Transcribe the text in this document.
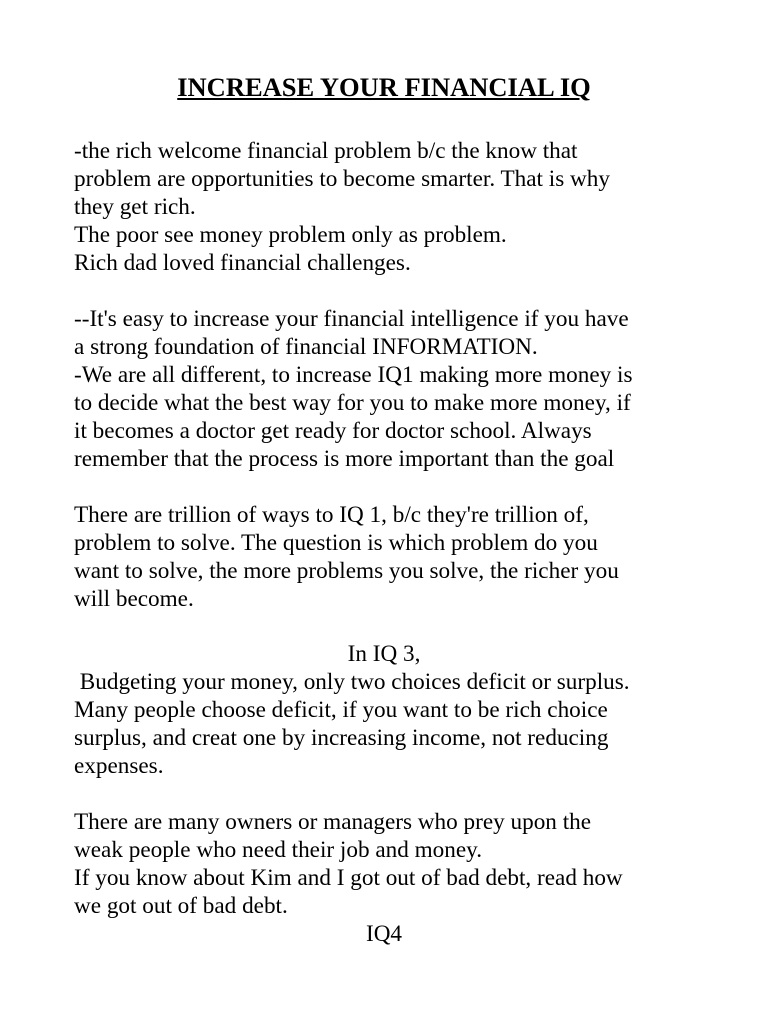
INCREASE YOUR FINANCIAL IQ
-the rich welcome financial problem b/c the know that
problem are opportunities to become smarter. That is why
they get rich.
The poor see money problem only as problem.
Rich dad loved financial challenges.
--It's easy to increase your financial intelligence if you have
a strong foundation of financial INFORMATION.
-We are all different, to increase IQ1 making more money is
to decide what the best way for you to make more money, if
it becomes a doctor get ready for doctor school. Always
remember that the process is more important than the goal
There are trillion of ways to IQ 1, b/c they're trillion of,
problem to solve. The question is which problem do you
want to solve, the more problems you solve, the richer you
will become.
In IQ 3,
Budgeting your money, only two choices deficit or surplus.
Many people choose deficit, if you want to be rich choice
surplus, and creat one by increasing income, not reducing
expenses.
There are many owners or managers who prey upon the
weak people who need their job and money.
If you know about Kim and I got out of bad debt, read how
we got out of bad debt.
IQ4
